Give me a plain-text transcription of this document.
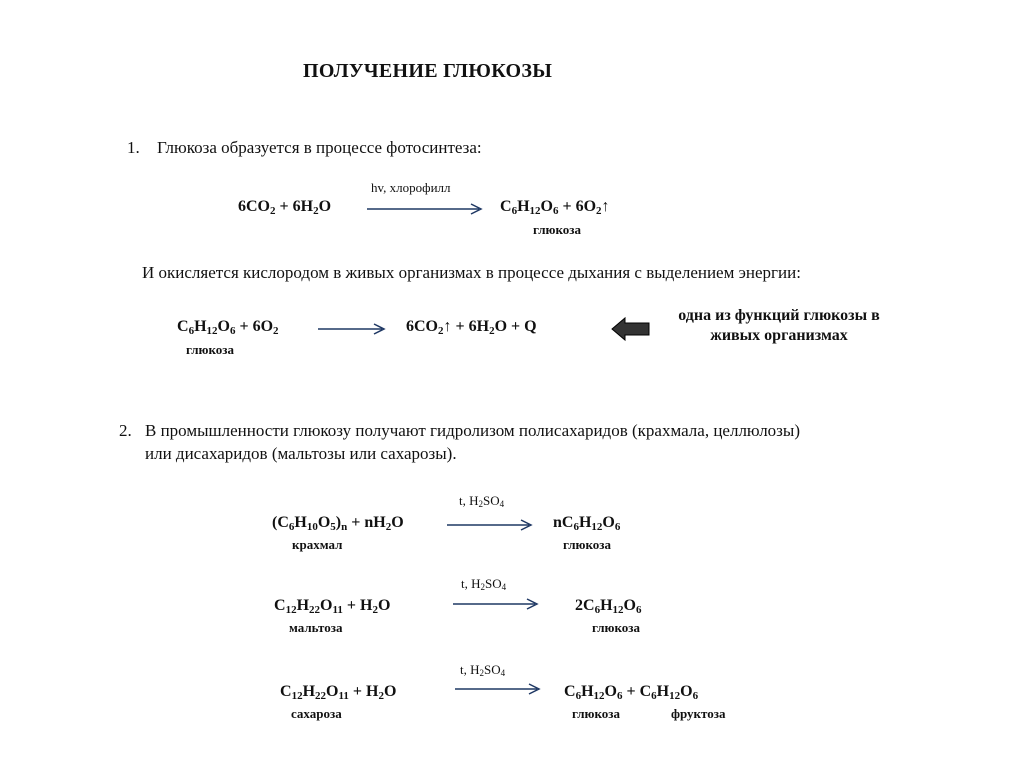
ПОЛУЧЕНИЕ ГЛЮКОЗЫ
1. Глюкоза образуется в процессе фотосинтеза:
hv, хлорофилл
$6CO_2 + 6H_2O$	$C_6H_{12}O_6$ + $6O_2↑$
глюкоза
И окисляется кислородом в живых организмах в процессе дыхания с выделением энергии:
$C_6H_{12}O_6 + 6O_2$
глюкоза
$6CO_2↑ + 6H_2O + Q$
одна из функций глюкозы в
живых организмах
2. В промышленности глюкозу получают гидролизом полисахаридов (крахмала, целлюлозы)
или дисахаридов (мальтозы или сахарозы).
t, $H_2SO_4$
$(C_6H_{10}O_5)_n + nH_2O$
крахмал
$nC_6H_{12}O_6$
глюкоза
t, $H_2SO_4$
$C_{12}H_{22}O_{11} + H_2O$
мальтоза
$2C_6H_{12}O_6$
глюкоза
t, $H_2SO_4$
$C_{12}H_{22}O_{11} + H_2O$
сахароза
$C_6H_{12}O_6 + C_6H_{12}O_6$
глюкоза	фруктоза
